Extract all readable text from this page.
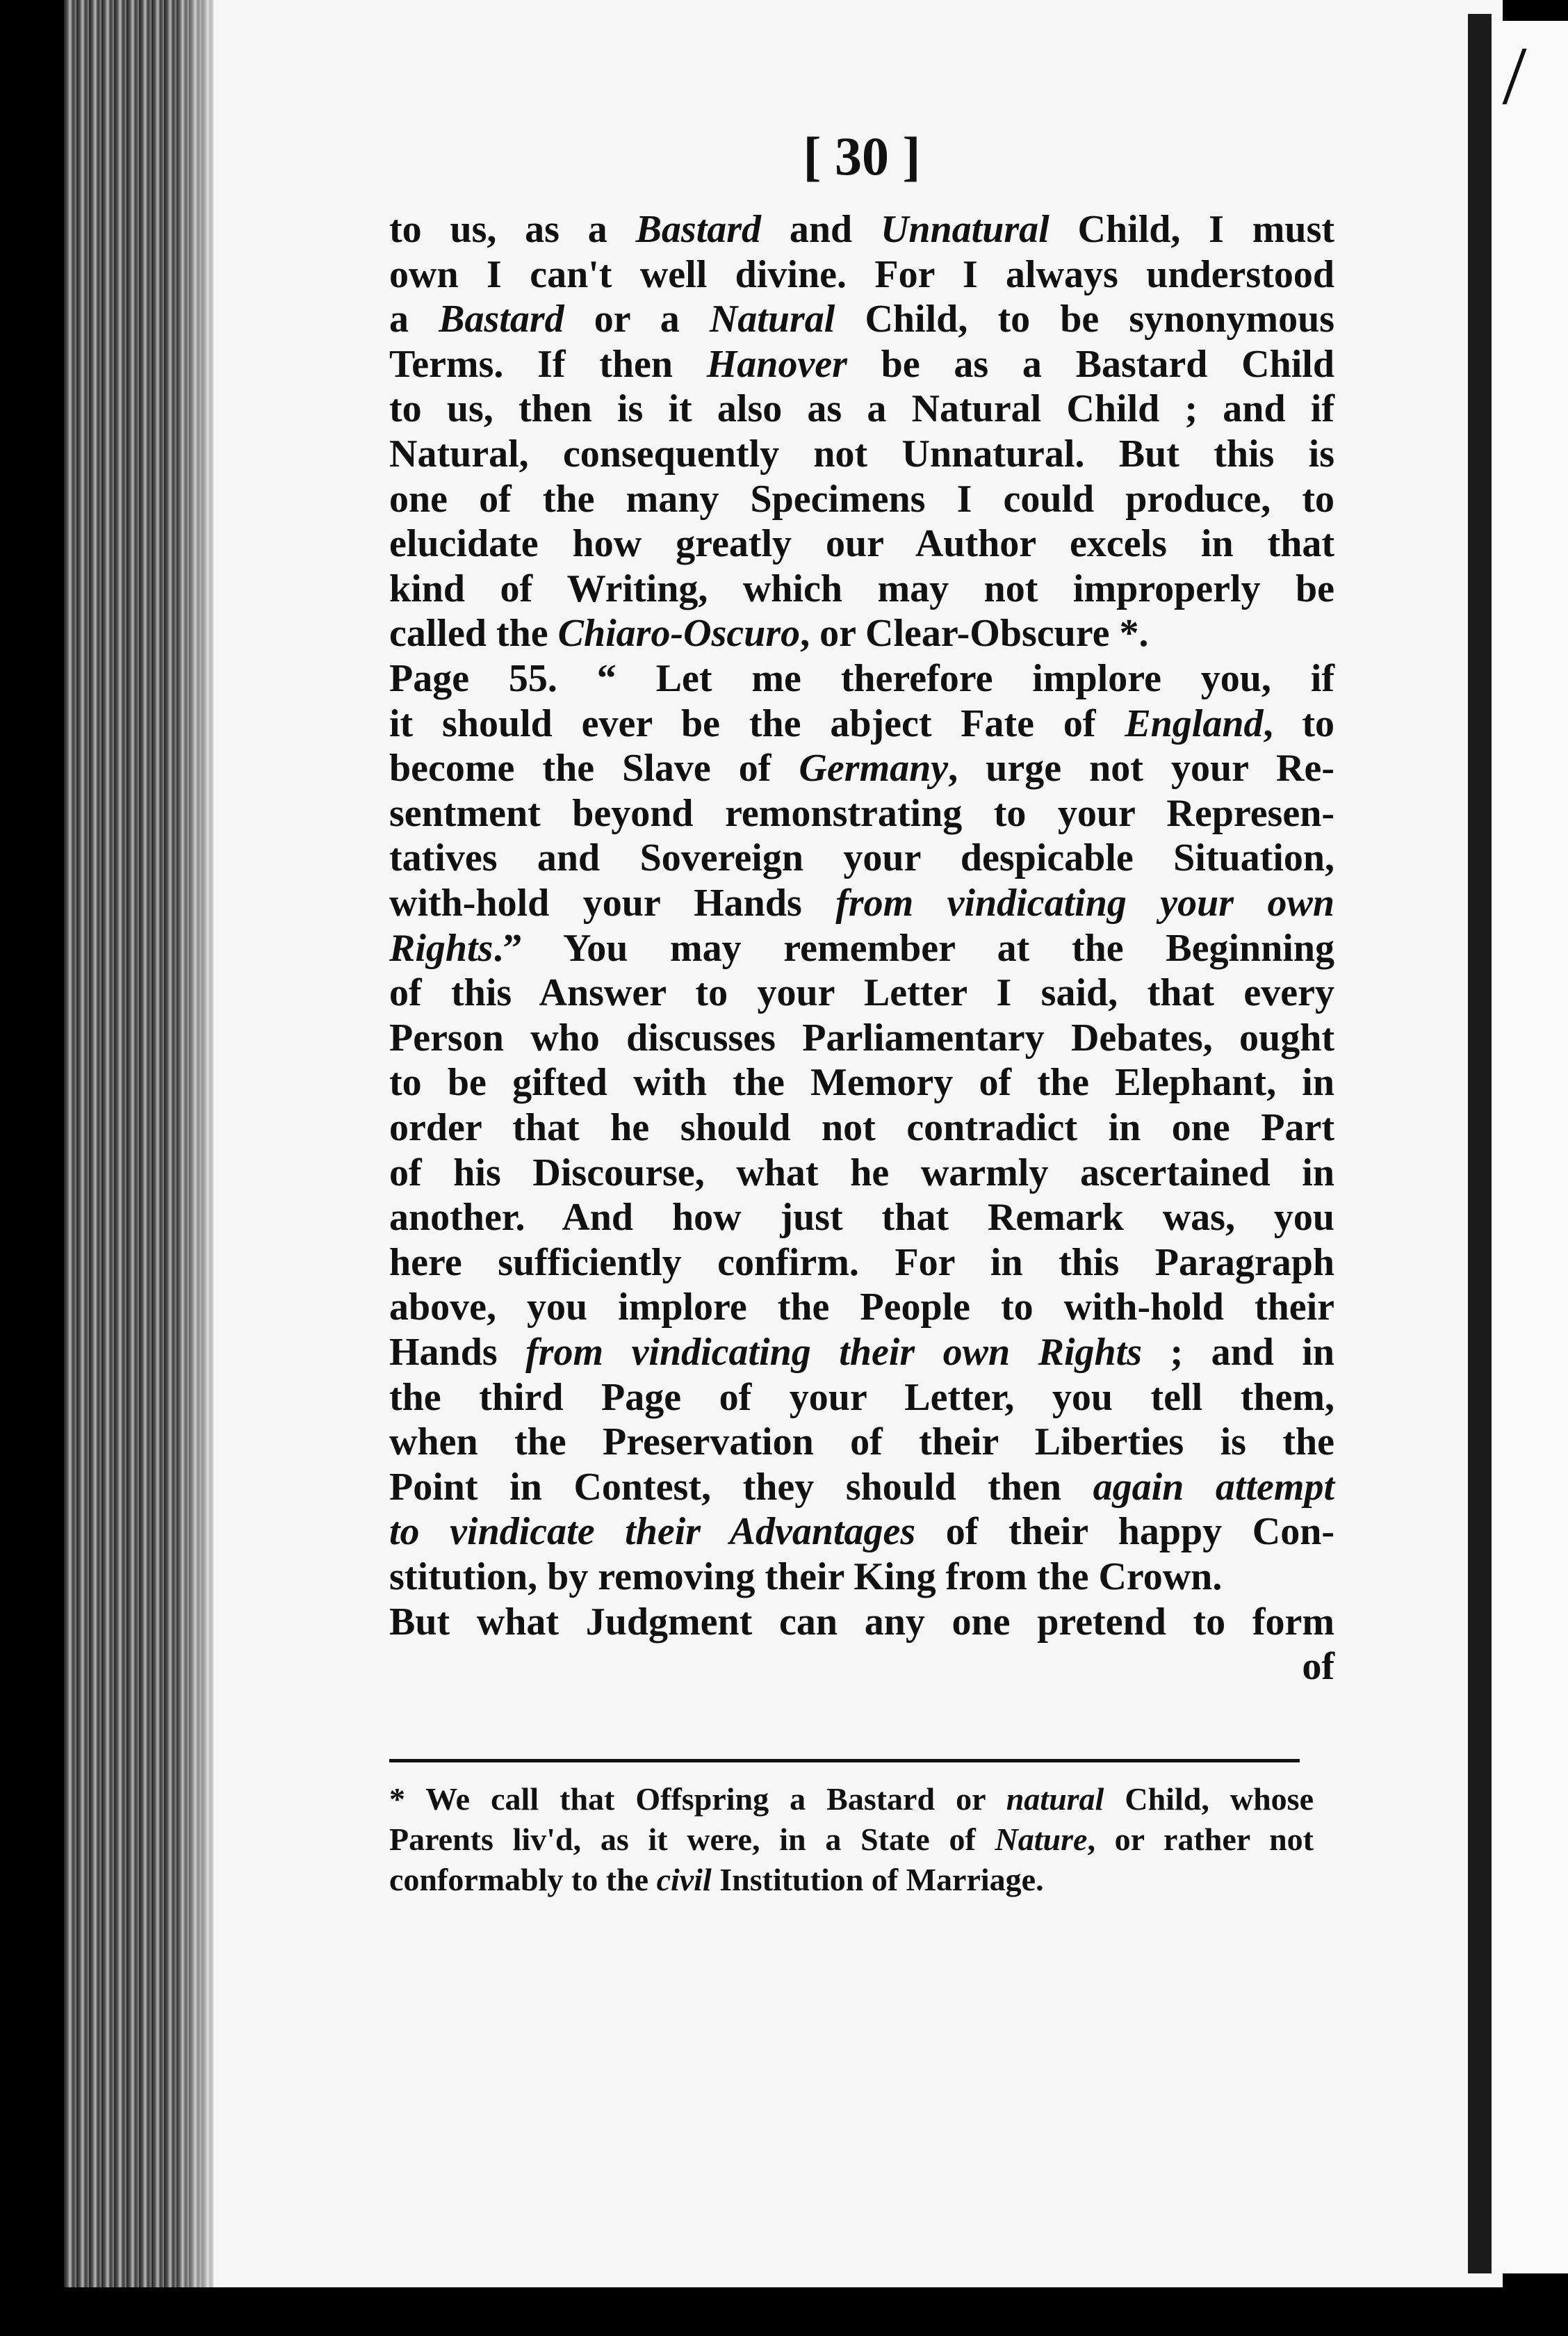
[ 30 ]
to us, as a Bastard and Unnatural Child, I must
own I can't well divine. For I always understood
a Bastard or a Natural Child, to be synonymous
Terms. If then Hanover be as a Bastard Child
to us, then is it also as a Natural Child ; and if
Natural, consequently not Unnatural. But this is
one of the many Specimens I could produce, to
elucidate how greatly our Author excels in that
kind of Writing, which may not improperly be
called the Chiaro-Oscuro, or Clear-Obscure *.
Page 55. “ Let me therefore implore you, if
it should ever be the abject Fate of England, to
become the Slave of Germany, urge not your Re-
sentment beyond remonstrating to your Represen-
tatives and Sovereign your despicable Situation,
with-hold your Hands from vindicating your own
Rights.” You may remember at the Beginning
of this Answer to your Letter I said, that every
Person who discusses Parliamentary Debates, ought
to be gifted with the Memory of the Elephant, in
order that he should not contradict in one Part
of his Discourse, what he warmly ascertained in
another. And how just that Remark was, you
here sufficiently confirm. For in this Paragraph
above, you implore the People to with-hold their
Hands from vindicating their own Rights ; and in
the third Page of your Letter, you tell them,
when the Preservation of their Liberties is the
Point in Contest, they should then again attempt
to vindicate their Advantages of their happy Con-
stitution, by removing their King from the Crown.
But what Judgment can any one pretend to form
of
* We call that Offspring a Bastard or natural Child, whose
Parents liv'd, as it were, in a State of Nature, or rather not
conformably to the civil Institution of Marriage.
